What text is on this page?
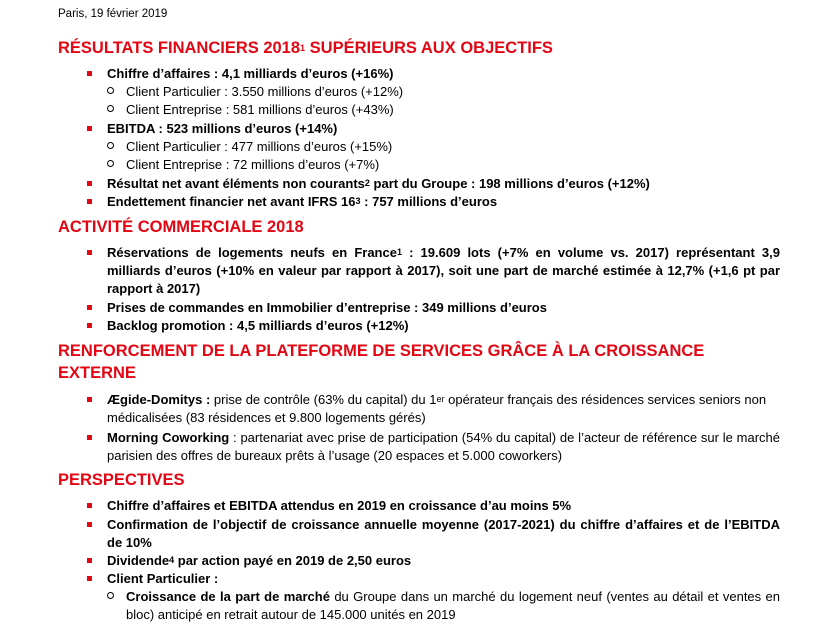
Paris, 19 février 2019
RÉSULTATS FINANCIERS 2018$^1$ SUPÉRIEURS AUX OBJECTIFS
Chiffre d’affaires : 4,1 milliards d’euros (+16%)
Client Particulier : 3.550 millions d’euros (+12%)
Client Entreprise : 581 millions d’euros (+43%)
EBITDA : 523 millions d’euros (+14%)
Client Particulier : 477 millions d’euros (+15%)
Client Entreprise : 72 millions d’euros (+7%)
Résultat net avant éléments non courants$^2$ part du Groupe : 198 millions d’euros (+12%)
Endettement financier net avant IFRS $16^3$ : 757 millions d’euros
ACTIVITÉ COMMERCIALE 2018
Réservations de logements neufs en France$^1$ : 19.609 lots (+7% en volume vs. 2017) représentant 3,9 milliards d’euros (+10% en valeur par rapport à 2017), soit une part de marché estimée à 12,7% (+1,6 pt par rapport à 2017)
Prises de commandes en Immobilier d’entreprise : 349 millions d’euros
Backlog promotion : 4,5 milliards d’euros (+12%)
RENFORCEMENT DE LA PLATEFORME DE SERVICES GRÂCE À LA CROISSANCE EXTERNE
Ægide-Domitys : prise de contrôle (63% du capital) du 1er opérateur français des résidences services seniors non médicalisées (83 résidences et 9.800 logements gérés)
Morning Coworking : partenariat avec prise de participation (54% du capital) de l’acteur de référence sur le marché parisien des offres de bureaux prêts à l’usage (20 espaces et 5.000 coworkers)
PERSPECTIVES
Chiffre d’affaires et EBITDA attendus en 2019 en croissance d’au moins 5%
Confirmation de l’objectif de croissance annuelle moyenne (2017-2021) du chiffre d’affaires et de l’EBITDA de 10%
Dividende$^4$ par action payé en 2019 de 2,50 euros
Client Particulier :
Croissance de la part de marché du Groupe dans un marché du logement neuf (ventes au détail et ventes en bloc) anticipé en retrait autour de 145.000 unités en 2019
